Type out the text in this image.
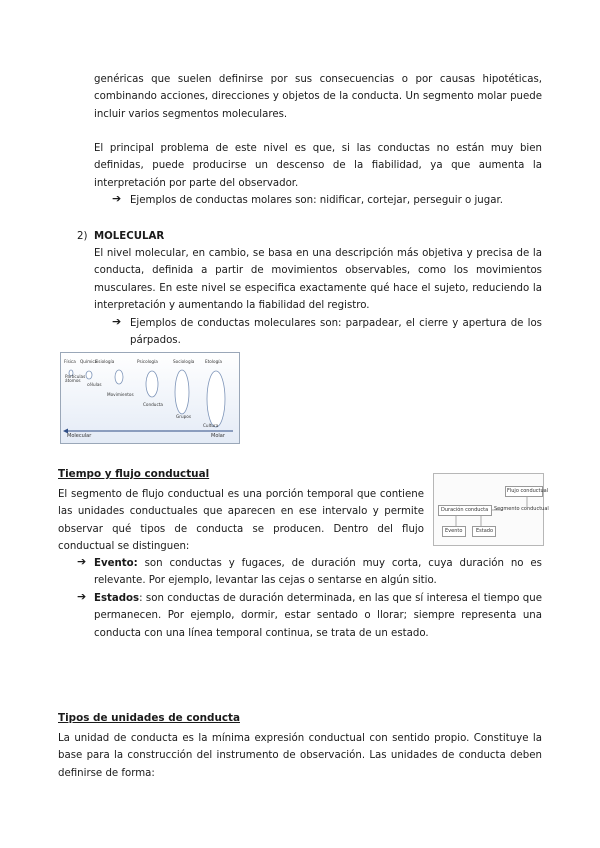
genéricas que suelen definirse por sus consecuencias o por causas hipotéticas, combinando acciones, direcciones y objetos de la conducta. Un segmento molar puede incluir varios segmentos moleculares.
El principal problema de este nivel es que, si las conductas no están muy bien definidas, puede producirse un descenso de la fiabilidad, ya que aumenta la interpretación por parte del observador.
➔ Ejemplos de conductas molares son: nidificar, cortejar, perseguir o jugar.
2) MOLECULAR
El nivel molecular, en cambio, se basa en una descripción más objetiva y precisa de la conducta, definida a partir de movimientos observables, como los movimientos musculares. En este nivel se especifica exactamente qué hace el sujeto, reduciendo la interpretación y aumentando la fiabilidad del registro.
➔ Ejemplos de conductas moleculares son: parpadear, el cierre y apertura de los párpados.
Física Química
Fisiología	Psicología	Sociología	Etología
Partículas
átomos
células
Movimientos
Conducta
Grupos
Cultura
Molecular	Molar
Tiempo y flujo conductual
El segmento de flujo conductual es una porción temporal que contiene las unidades conductuales que aparecen en ese intervalo y permite observar qué tipos de conducta se producen. Dentro del flujo conductual se distinguen:
Flujo conductual
Duración conducta Segmento conductual
Evento	Estado
➔ Evento: son conductas y fugaces, de duración muy corta, cuya duración no es relevante. Por ejemplo, levantar las cejas o sentarse en algún sitio.
➔ Estados: son conductas de duración determinada, en las que sí interesa el tiempo que permanecen. Por ejemplo, dormir, estar sentado o llorar; siempre representa una conducta con una línea temporal continua, se trata de un estado.
Tipos de unidades de conducta
La unidad de conducta es la mínima expresión conductual con sentido propio. Constituye la base para la construcción del instrumento de observación. Las unidades de conducta deben definirse de forma:
